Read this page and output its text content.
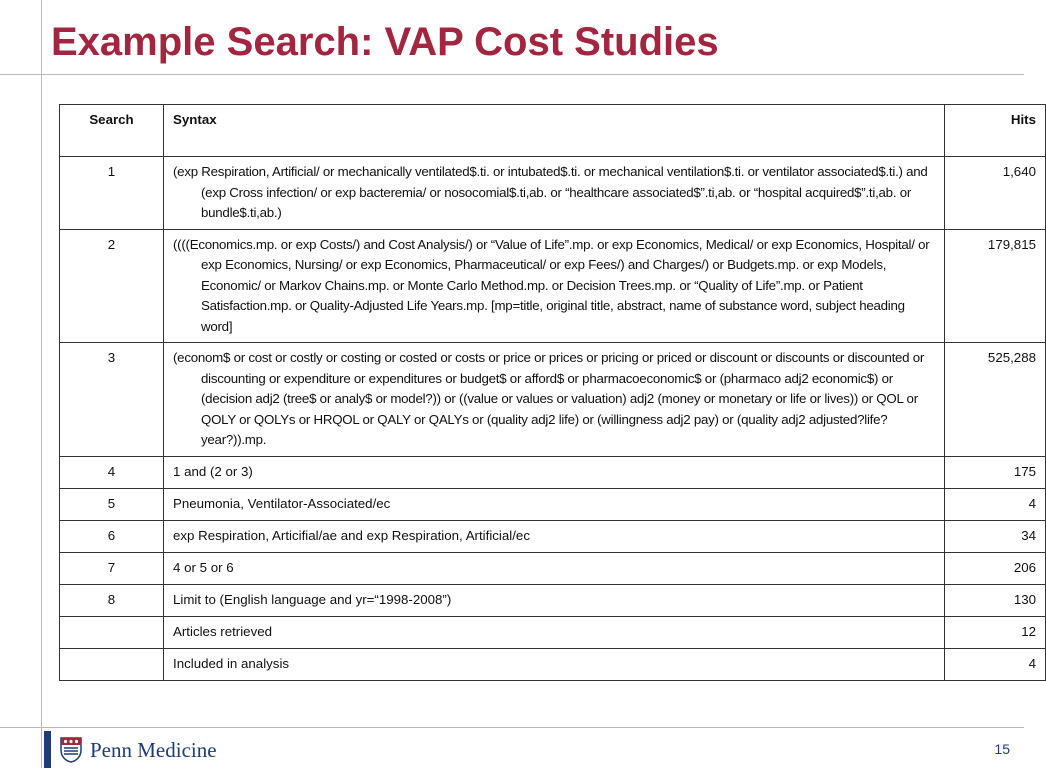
Example Search: VAP Cost Studies
Search	Syntax	Hits
1	(exp Respiration, Artificial/ or mechanically ventilated$.ti. or intubated$.ti. or mechanical ventilation$.ti. or ventilator associated$.ti.) and (exp Cross infection/ or exp bacteremia/ or nosocomial$.ti,ab. or “healthcare associated$”.ti,ab. or “hospital acquired$”.ti,ab. or bundle$.ti,ab.)	1,640
2	((((Economics.mp. or exp Costs/) and Cost Analysis/) or “Value of Life”.mp. or exp Economics, Medical/ or exp Economics, Hospital/ or exp Economics, Nursing/ or exp Economics, Pharmaceutical/ or exp Fees/) and Charges/) or Budgets.mp. or exp Models, Economic/ or Markov Chains.mp. or Monte Carlo Method.mp. or Decision Trees.mp. or “Quality of Life”.mp. or Patient Satisfaction.mp. or Quality-Adjusted Life Years.mp. [mp=title, original title, abstract, name of substance word, subject heading word]	179,815
3	(econom$ or cost or costly or costing or costed or costs or price or prices or pricing or priced or discount or discounts or discounted or discounting or expenditure or expenditures or budget$ or afford$ or pharmacoeconomic$ or (pharmaco adj2 economic$) or (decision adj2 (tree$ or analy$ or model?)) or ((value or values or valuation) adj2 (money or monetary or life or lives)) or QOL or QOLY or QOLYs or HRQOL or QALY or QALYs or (quality adj2 life) or (willingness adj2 pay) or (quality adj2 adjusted?life?year?)).mp.	525,288
4	1 and (2 or 3)	175
5	Pneumonia, Ventilator-Associated/ec	4
6	exp Respiration, Articifial/ae and exp Respiration, Artificial/ec	34
7	4 or 5 or 6	206
8	Limit to (English language and yr=“1998-2008”)	130
	Articles retrieved	12
	Included in analysis	4
Penn Medicine	15
